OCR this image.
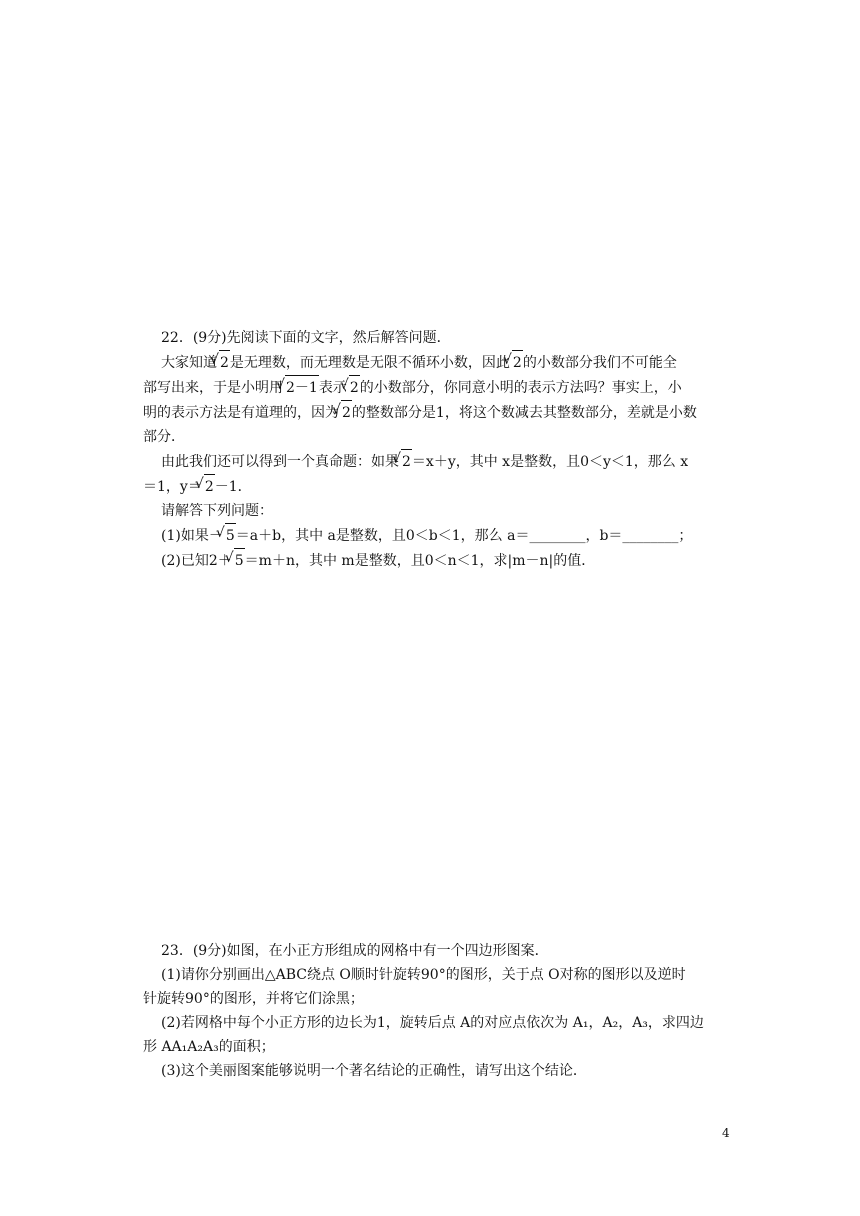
22．(9分)先阅读下面的文字，然后解答问题．
大家知道 √ 2是无理数，而无理数是无限不循环小数，因此 √ 2的小数部分我们不可能全
部写出来，于是小明用 √ 2－1表示 √ 2的小数部分，你同意小明的表示方法吗？事实上，小
明的表示方法是有道理的，因为 √ 2的整数部分是1，将这个数减去其整数部分，差就是小数
部分．
由此我们还可以得到一个真命题：如果 √ 2＝x＋y，其中 x是整数，且0＜y＜1，那么 x
＝1，y＝ √ 2－1．
请解答下列问题：
(1)如果－ √ 5＝a＋b，其中 a是整数，且0＜b＜1，那么 a＝________，b＝________；
(2)已知2＋ √ 5＝m＋n，其中 m是整数，且0＜n＜1，求|m－n|的值．
23．(9分)如图，在小正方形组成的网格中有一个四边形图案．
(1)请你分别画出△ABC绕点 O顺时针旋转90°的图形，关于点 O对称的图形以及逆时
针旋转90°的图形，并将它们涂黑；
(2)若网格中每个小正方形的边长为1，旋转后点 A的对应点依次为 A₁，A₂，A₃，求四边
形 AA₁A₂A₃的面积；
(3)这个美丽图案能够说明一个著名结论的正确性，请写出这个结论．
4
